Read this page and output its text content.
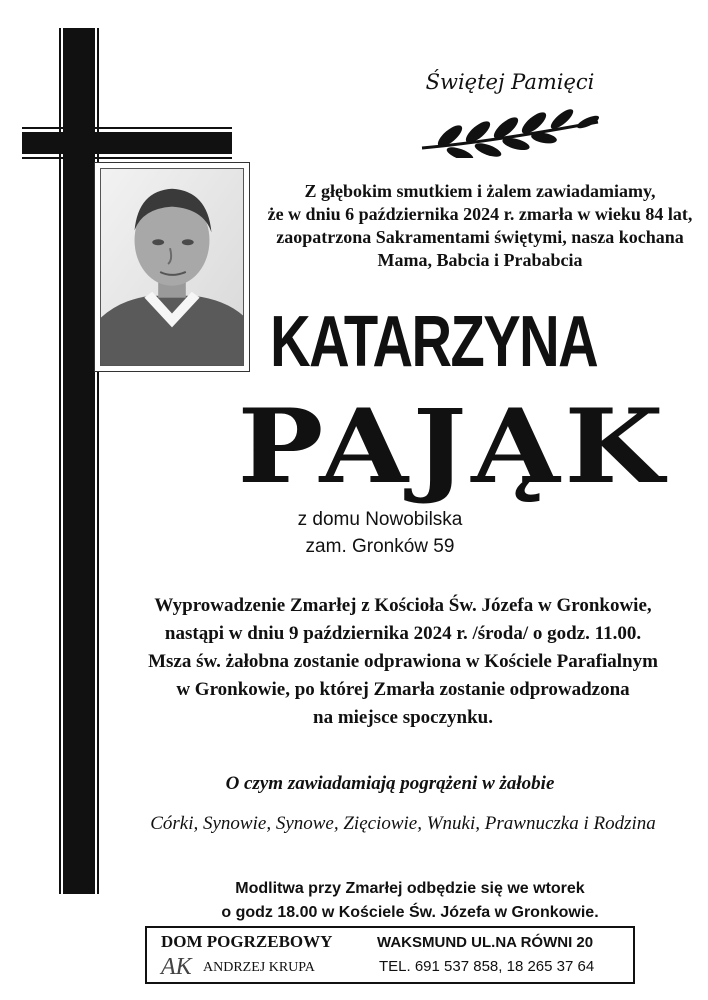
Świętej Pamięci
Z głębokim smutkiem i żalem zawiadamiamy,
że w dniu 6 października 2024 r. zmarła w wieku 84 lat,
zaopatrzona Sakramentami świętymi, nasza kochana
Mama, Babcia i Prababcia
KATARZYNA
PAJĄK
z domu Nowobilska
zam. Gronków 59
Wyprowadzenie Zmarłej z Kościoła Św. Józefa w Gronkowie,
nastąpi w dniu 9 października 2024 r. /środa/ o godz. 11.00.
Msza św. żałobna zostanie odprawiona w Kościele Parafialnym
w Gronkowie, po której Zmarła zostanie odprowadzona
na miejsce spoczynku.
O czym zawiadamiają pogrążeni w żałobie
Córki, Synowie, Synowe, Zięciowie, Wnuki, Prawnuczka i Rodzina
Modlitwa przy Zmarłej odbędzie się we wtorek
o godz 18.00 w Kościele Św. Józefa w Gronkowie.
DOM POGRZEBOWY
AK ANDRZEJ KRUPA
WAKSMUND UL.NA RÓWNI 20
TEL. 691 537 858, 18 265 37 64
